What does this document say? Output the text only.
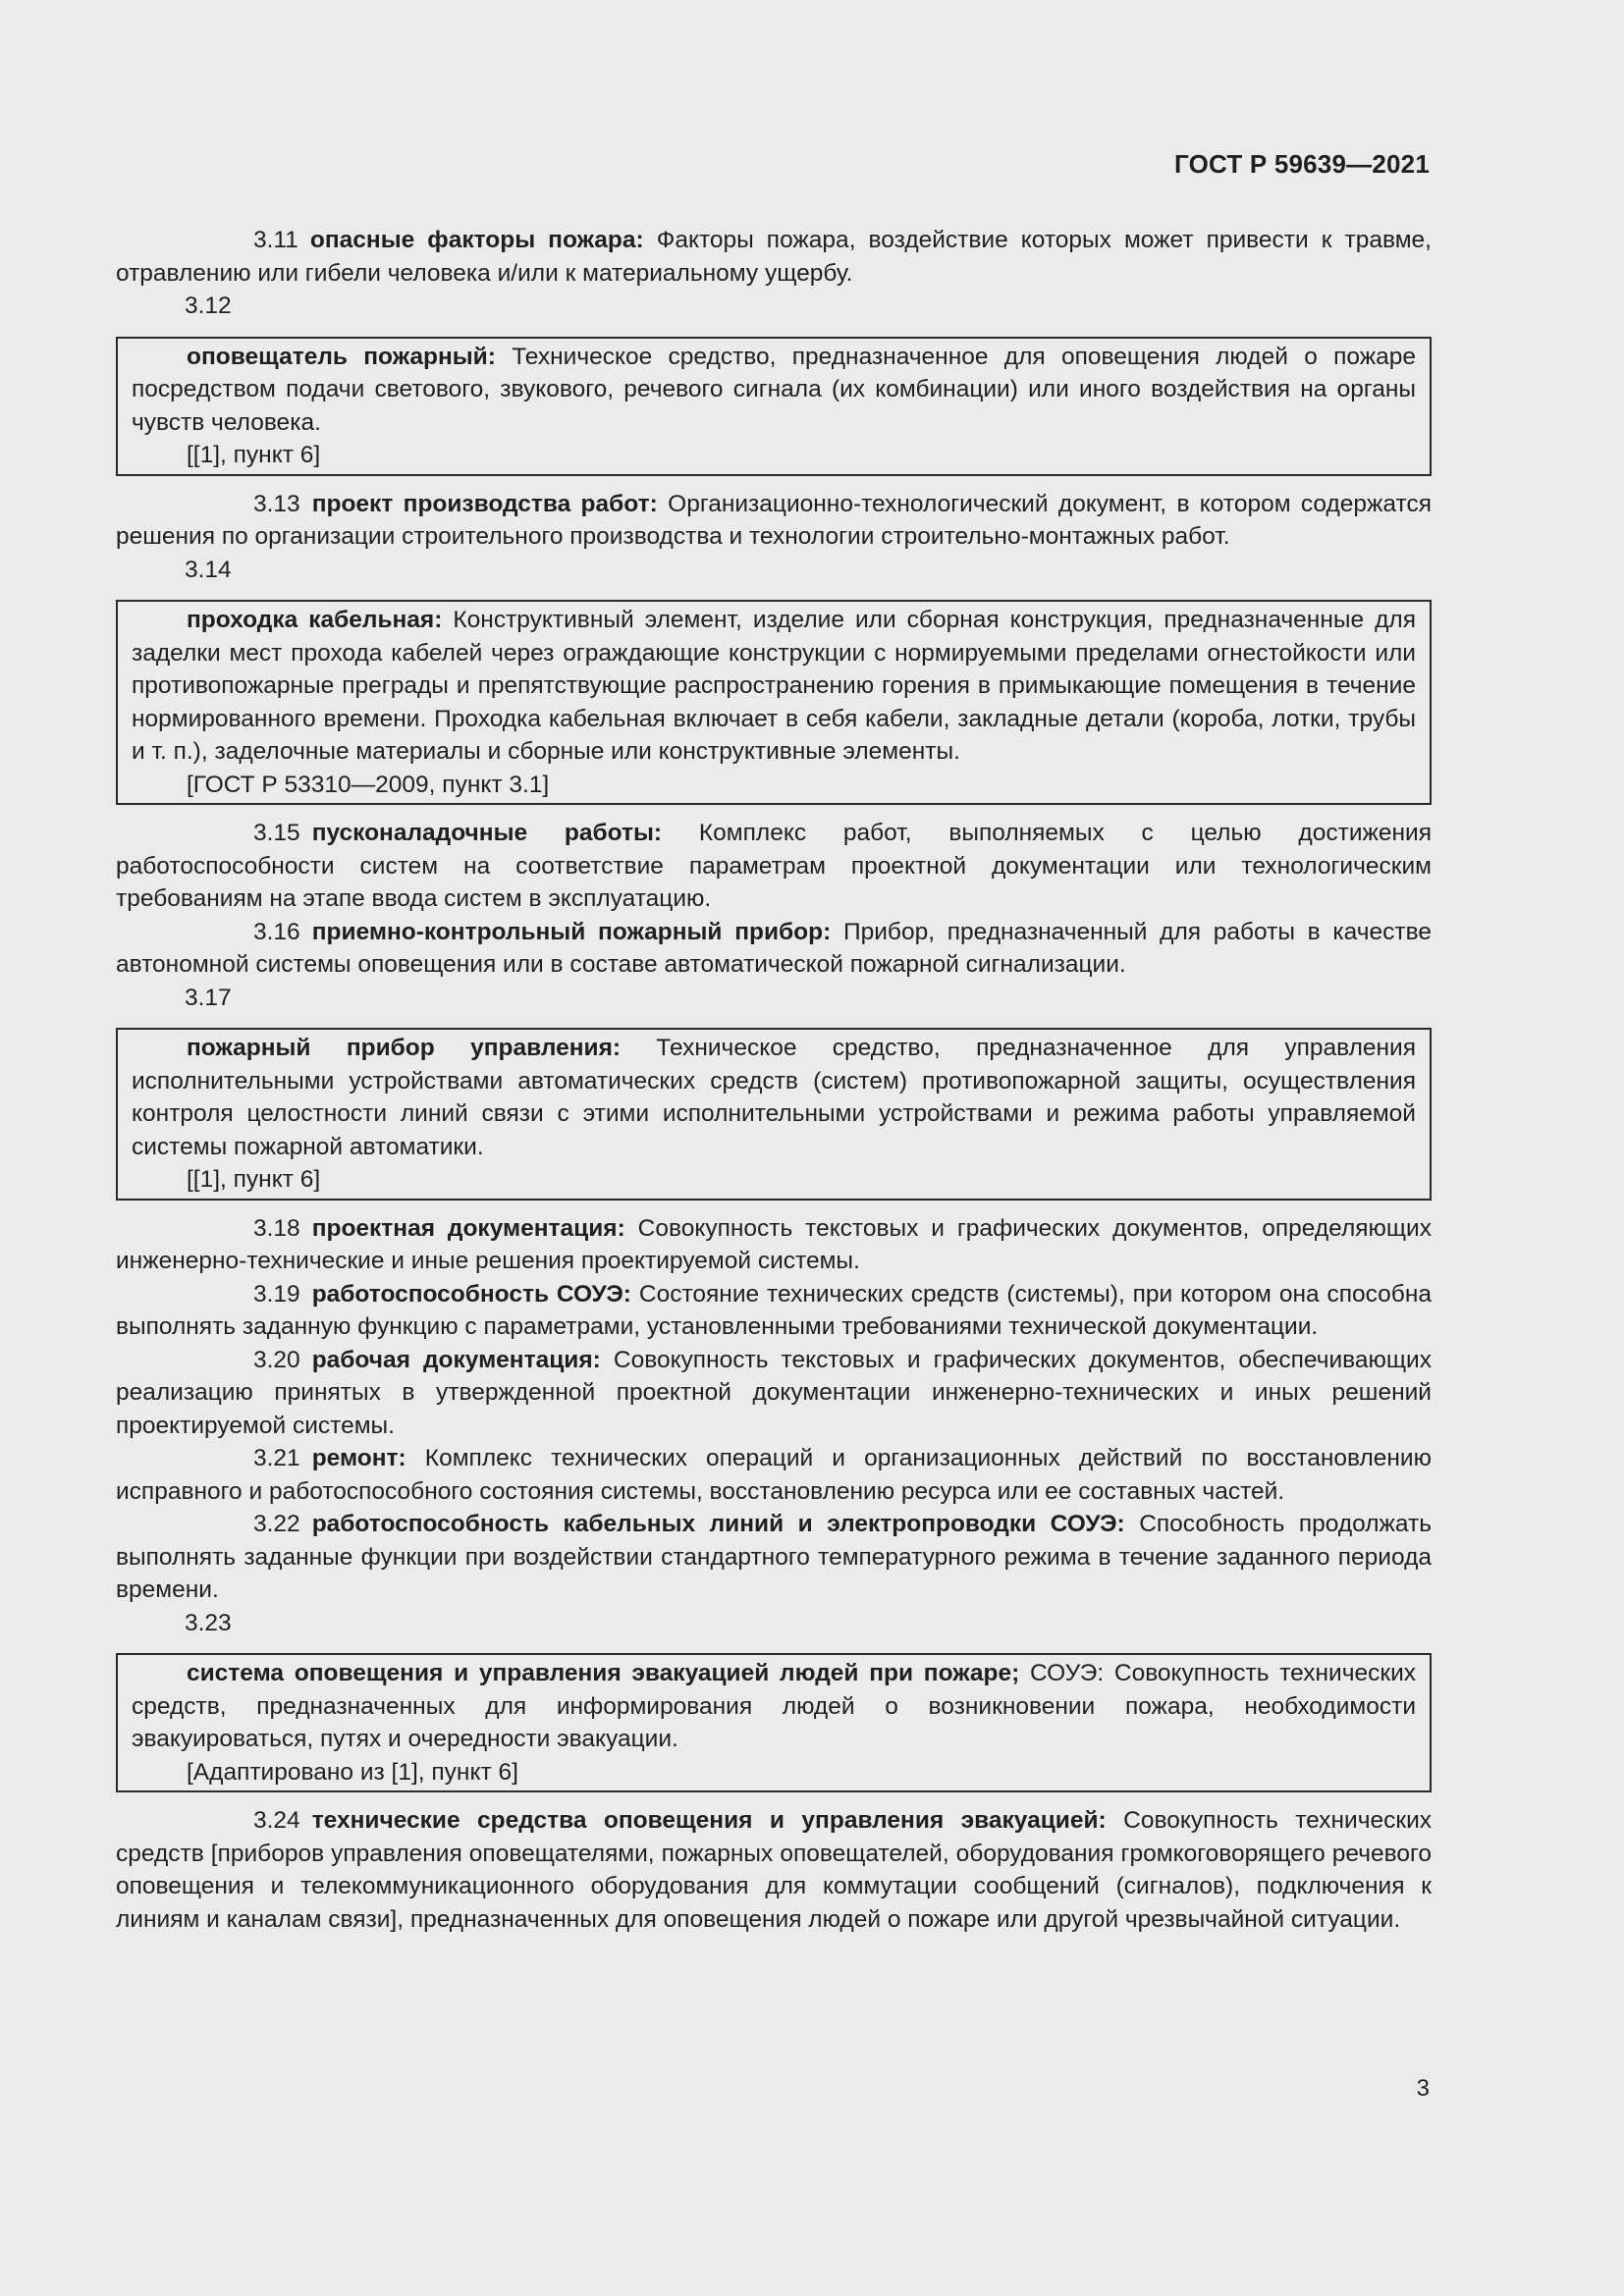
ГОСТ Р 59639—2021

3.11 опасные факторы пожара: Факторы пожара, воздействие которых может привести к травме, отравлению или гибели человека и/или к материальному ущербу.

3.12

оповещатель пожарный: Техническое средство, предназначенное для оповещения людей о пожаре посредством подачи светового, звукового, речевого сигнала (их комбинации) или иного воздействия на органы чувств человека.

[[1], пункт 6]

3.13 проект производства работ: Организационно-технологический документ, в котором содержатся решения по организации строительного производства и технологии строительно-монтажных работ.

3.14

проходка кабельная: Конструктивный элемент, изделие или сборная конструкция, предназначенные для заделки мест прохода кабелей через ограждающие конструкции с нормируемыми пределами огнестойкости или противопожарные преграды и препятствующие распространению горения в примыкающие помещения в течение нормированного времени. Проходка кабельная включает в себя кабели, закладные детали (короба, лотки, трубы и т. п.), заделочные материалы и сборные или конструктивные элементы.

[ГОСТ Р 53310—2009, пункт 3.1]

3.15 пусконаладочные работы: Комплекс работ, выполняемых с целью достижения работоспособности систем на соответствие параметрам проектной документации или технологическим требованиям на этапе ввода систем в эксплуатацию.

3.16 приемно-контрольный пожарный прибор: Прибор, предназначенный для работы в качестве автономной системы оповещения или в составе автоматической пожарной сигнализации.

3.17

пожарный прибор управления: Техническое средство, предназначенное для управления исполнительными устройствами автоматических средств (систем) противопожарной защиты, осуществления контроля целостности линий связи с этими исполнительными устройствами и режима работы управляемой системы пожарной автоматики.

[[1], пункт 6]

3.18 проектная документация: Совокупность текстовых и графических документов, определяющих инженерно-технические и иные решения проектируемой системы.

3.19 работоспособность СОУЭ: Состояние технических средств (системы), при котором она способна выполнять заданную функцию с параметрами, установленными требованиями технической документации.

3.20 рабочая документация: Совокупность текстовых и графических документов, обеспечивающих реализацию принятых в утвержденной проектной документации инженерно-технических и иных решений проектируемой системы.

3.21 ремонт: Комплекс технических операций и организационных действий по восстановлению исправного и работоспособного состояния системы, восстановлению ресурса или ее составных частей.

3.22 работоспособность кабельных линий и электропроводки СОУЭ: Способность продолжать выполнять заданные функции при воздействии стандартного температурного режима в течение заданного периода времени.

3.23

система оповещения и управления эвакуацией людей при пожаре; СОУЭ: Совокупность технических средств, предназначенных для информирования людей о возникновении пожара, необходимости эвакуироваться, путях и очередности эвакуации.

[Адаптировано из [1], пункт 6]

3.24 технические средства оповещения и управления эвакуацией: Совокупность технических средств [приборов управления оповещателями, пожарных оповещателей, оборудования громкоговорящего речевого оповещения и телекоммуникационного оборудования для коммутации сообщений (сигналов), подключения к линиям и каналам связи], предназначенных для оповещения людей о пожаре или другой чрезвычайной ситуации.

3
